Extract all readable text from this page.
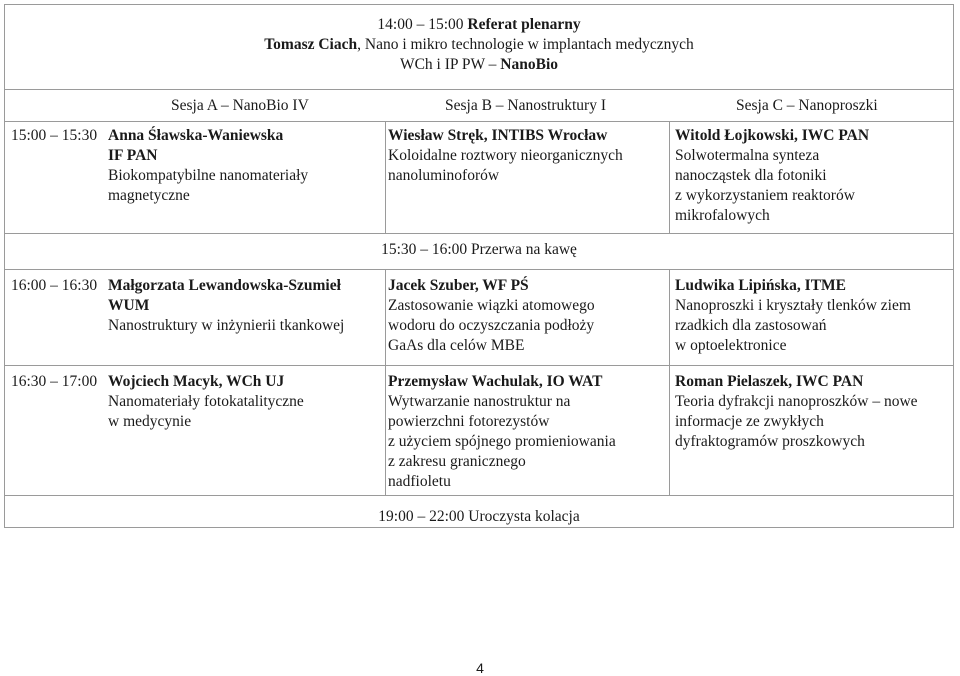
14:00 – 15:00 Referat plenarny
Tomasz Ciach, Nano i mikro technologie w implantach medycznych
WCh i IP PW – NanoBio
Sesja A – NanoBio IV	Sesja B – Nanostruktury I	Sesja C – Nanoproszki
15:00 – 15:30 Anna Śławska-Waniewska
IF PAN
Biokompatybilne nanomateriały
magnetyczne
Wiesław Stręk, INTIBS Wrocław
Koloidalne roztwory nieorganicznych
nanoluminoforów
Witold Łojkowski, IWC PAN
Solwotermalna synteza
nanocząstek dla fotoniki
z wykorzystaniem reaktorów
mikrofalowych
15:30 – 16:00 Przerwa na kawę
16:00 – 16:30 Małgorzata Lewandowska-Szumieł
WUM
Nanostruktury w inżynierii tkankowej
Jacek Szuber, WF PŚ
Zastosowanie wiązki atomowego
wodoru do oczyszczania podłoży
GaAs dla celów MBE
Ludwika Lipińska, ITME
Nanoproszki i kryształy tlenków ziem
rzadkich dla zastosowań
w optoelektronice
16:30 – 17:00 Wojciech Macyk, WCh UJ
Nanomateriały fotokatalityczne
w medycynie
Przemysław Wachulak, IO WAT
Wytwarzanie nanostruktur na
powierzchni fotorezystów
z użyciem spójnego promieniowania
z zakresu granicznego
nadfioletu
Roman Pielaszek, IWC PAN
Teoria dyfrakcji nanoproszków – nowe
informacje ze zwykłych
dyfraktogramów proszkowych
19:00 – 22:00 Uroczysta kolacja
4
